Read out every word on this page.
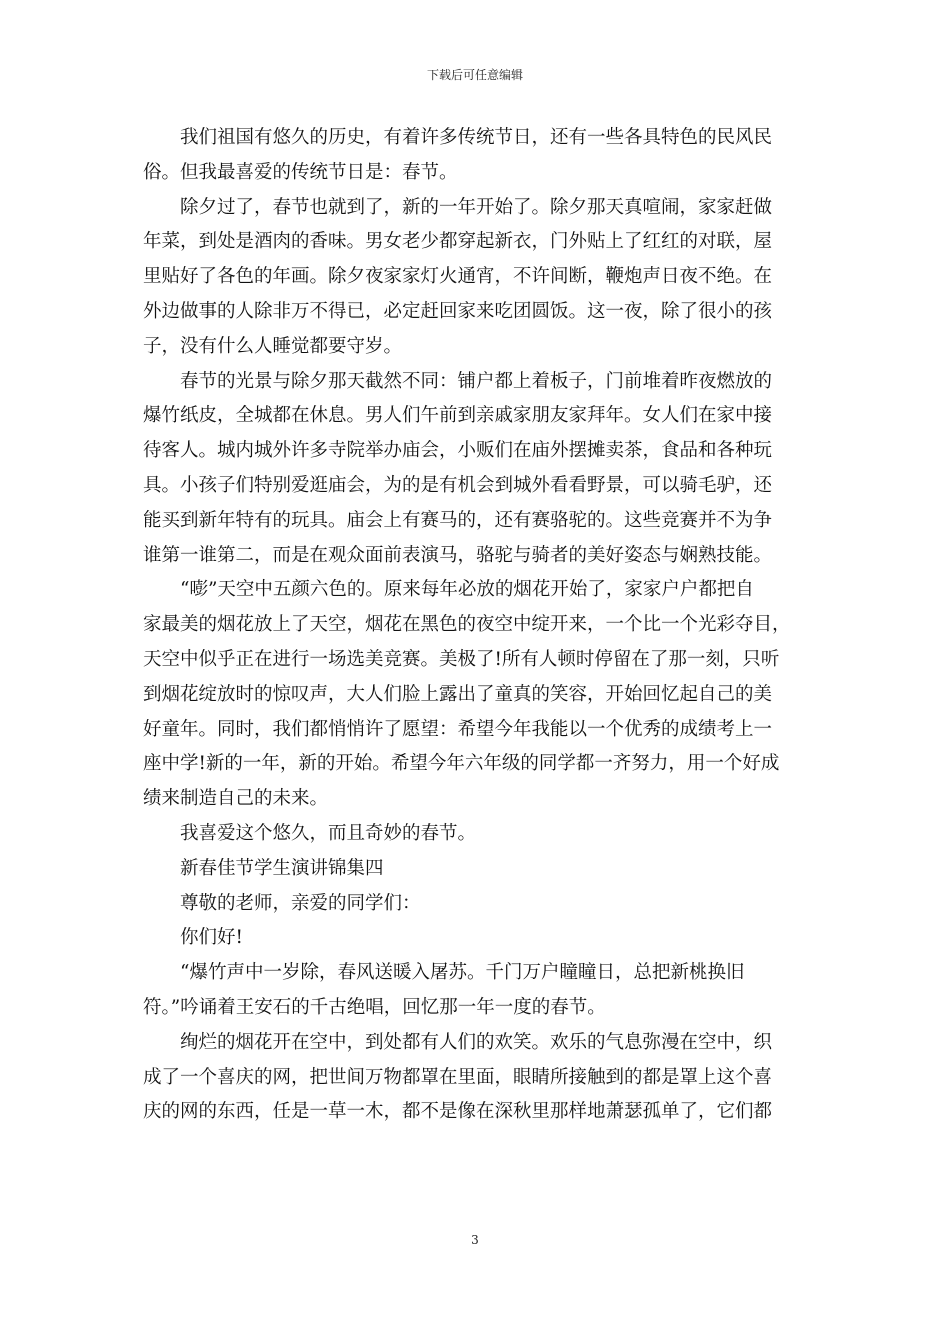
下载后可任意编辑
我们祖国有悠久的历史，有着许多传统节日，还有一些各具特色的民风民
俗。但我最喜爱的传统节日是：春节。
除夕过了，春节也就到了，新的一年开始了。除夕那天真喧闹，家家赶做
年菜，到处是酒肉的香味。男女老少都穿起新衣，门外贴上了红红的对联，屋
里贴好了各色的年画。除夕夜家家灯火通宵，不许间断，鞭炮声日夜不绝。在
外边做事的人除非万不得已，必定赶回家来吃团圆饭。这一夜，除了很小的孩
子，没有什么人睡觉都要守岁。
春节的光景与除夕那天截然不同：铺户都上着板子，门前堆着昨夜燃放的
爆竹纸皮，全城都在休息。男人们午前到亲戚家朋友家拜年。女人们在家中接
待客人。城内城外许多寺院举办庙会，小贩们在庙外摆摊卖茶，食品和各种玩
具。小孩子们特别爱逛庙会，为的是有机会到城外看看野景，可以骑毛驴，还
能买到新年特有的玩具。庙会上有赛马的，还有赛骆驼的。这些竞赛并不为争
谁第一谁第二，而是在观众面前表演马，骆驼与骑者的美好姿态与娴熟技能。
“嘭”天空中五颜六色的。原来每年必放的烟花开始了，家家户户都把自
家最美的烟花放上了天空，烟花在黑色的夜空中绽开来，一个比一个光彩夺目，
天空中似乎正在进行一场选美竞赛。美极了!所有人顿时停留在了那一刻，只听
到烟花绽放时的惊叹声，大人们脸上露出了童真的笑容，开始回忆起自己的美
好童年。同时，我们都悄悄许了愿望：希望今年我能以一个优秀的成绩考上一
座中学!新的一年，新的开始。希望今年六年级的同学都一齐努力，用一个好成
绩来制造自己的未来。
我喜爱这个悠久，而且奇妙的春节。
新春佳节学生演讲锦集四
尊敬的老师，亲爱的同学们：
你们好!
“爆竹声中一岁除，春风送暖入屠苏。千门万户瞳瞳日，总把新桃换旧
符。”吟诵着王安石的千古绝唱，回忆那一年一度的春节。
绚烂的烟花开在空中，到处都有人们的欢笑。欢乐的气息弥漫在空中，织
成了一个喜庆的网，把世间万物都罩在里面，眼睛所接触到的都是罩上这个喜
庆的网的东西，任是一草一木，都不是像在深秋里那样地萧瑟孤单了，它们都
3
